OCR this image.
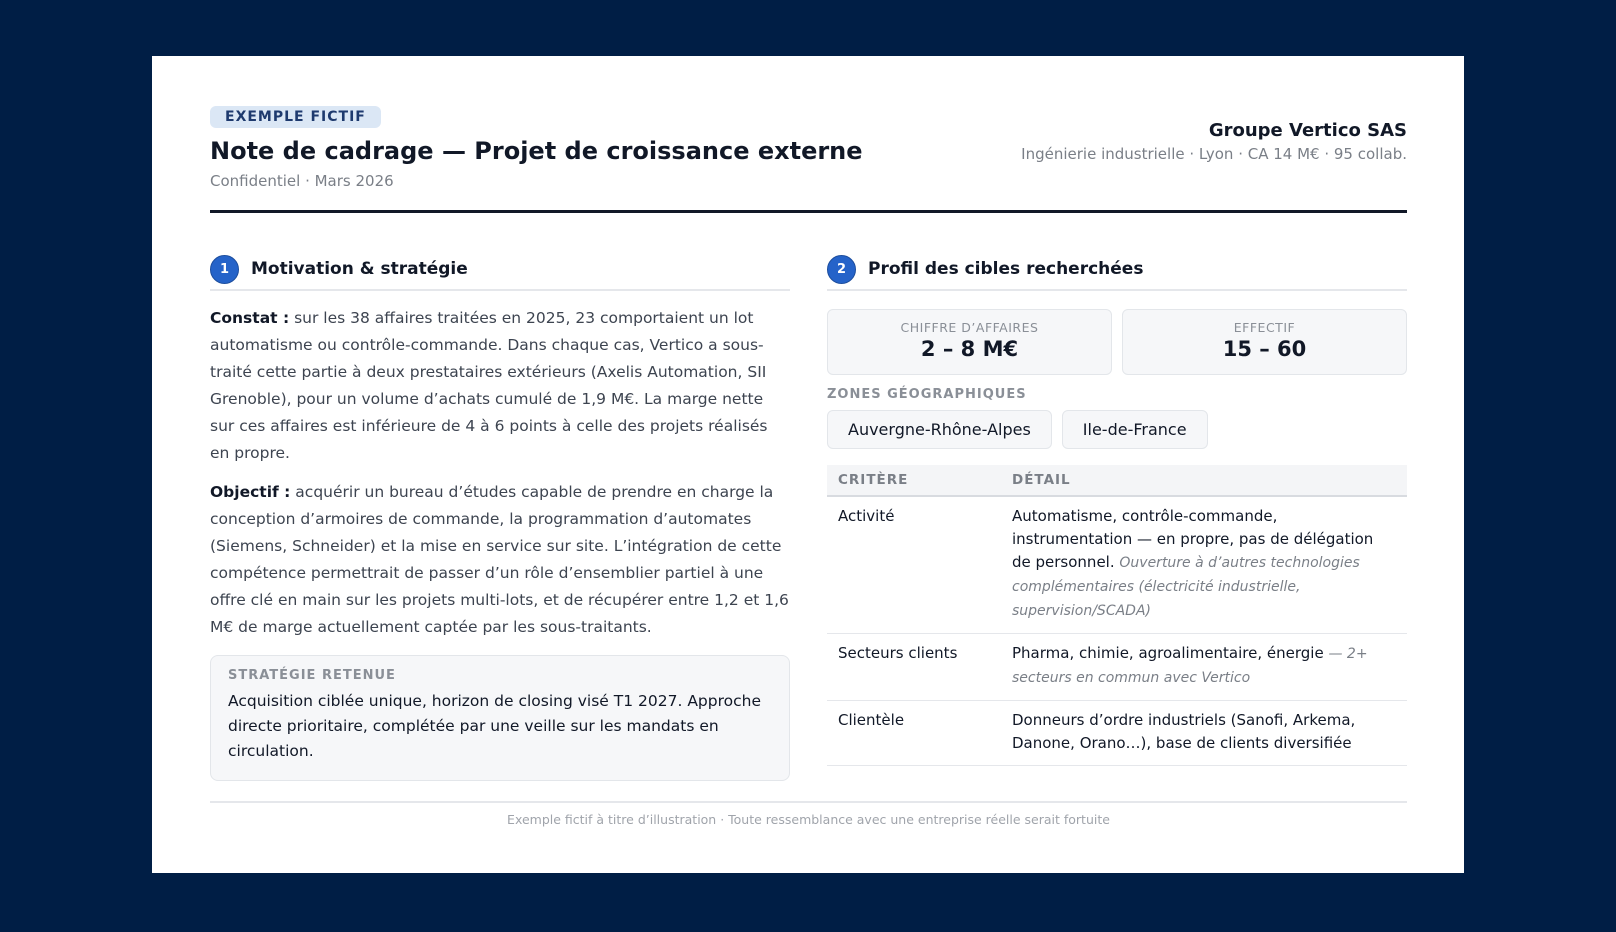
EXEMPLE FICTIF
Note de cadrage — Projet de croissance externe
Confidentiel · Mars 2026
Groupe Vertico SAS
Ingénierie industrielle · Lyon · CA 14 M€ · 95 collab.
1	Motivation & stratégie

Constat : sur les 38 affaires traitées en 2025, 23 comportaient un lot automatisme ou contrôle-commande. Dans chaque cas, Vertico a sous-traité cette partie à deux prestataires extérieurs (Axelis Automation, SII Grenoble), pour un volume d’achats cumulé de 1,9 M€. La marge nette sur ces affaires est inférieure de 4 à 6 points à celle des projets réalisés en propre.

Objectif : acquérir un bureau d’études capable de prendre en charge la conception d’armoires de commande, la programmation d’automates (Siemens, Schneider) et la mise en service sur site. L’intégration de cette compétence permettrait de passer d’un rôle d’ensemblier partiel à une offre clé en main sur les projets multi-lots, et de récupérer entre 1,2 et 1,6 M€ de marge actuellement captée par les sous-traitants.

STRATÉGIE RETENUE
Acquisition ciblée unique, horizon de closing visé T1 2027. Approche directe prioritaire, complétée par une veille sur les mandats en circulation.
2	Profil des cibles recherchées
CHIFFRE D’AFFAIRES
2 – 8 M€
EFFECTIF
15 – 60
ZONES GÉOGRAPHIQUES
Auvergne-Rhône-Alpes	Ile-de-France
CRITÈRE	DÉTAIL
Activité	Automatisme, contrôle-commande, instrumentation — en propre, pas de délégation de personnel. Ouverture à d’autres technologies complémentaires (électricité industrielle, supervision/SCADA)
Secteurs clients	Pharma, chimie, agroalimentaire, énergie — 2+ secteurs en commun avec Vertico
Clientèle	Donneurs d’ordre industriels (Sanofi, Arkema, Danone, Orano…), base de clients diversifiée
Exemple fictif à titre d’illustration · Toute ressemblance avec une entreprise réelle serait fortuite
